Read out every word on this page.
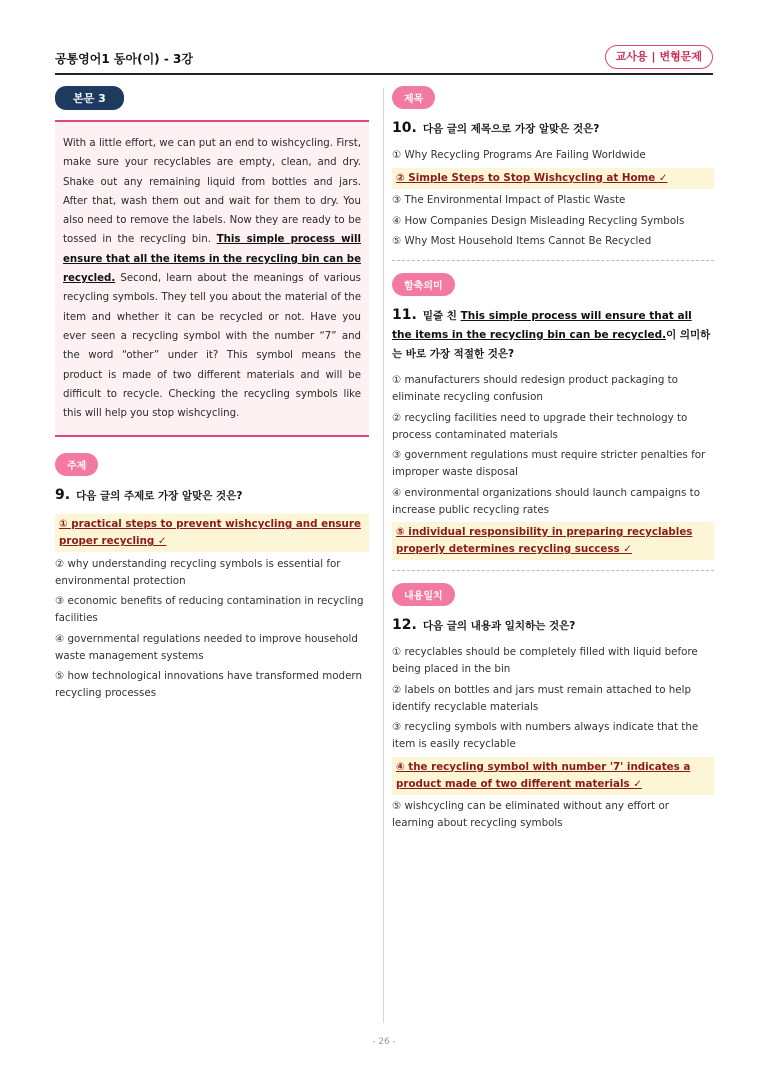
공통영어1 동아(이) - 3강	교사용 | 변형문제
본문 3
With a little effort, we can put an end to wishcycling. First, make sure your recyclables are empty, clean, and dry. Shake out any remaining liquid from bottles and jars. After that, wash them out and wait for them to dry. You also need to remove the labels. Now they are ready to be tossed in the recycling bin. This simple process will ensure that all the items in the recycling bin can be recycled. Second, learn about the meanings of various recycling symbols. They tell you about the material of the item and whether it can be recycled or not. Have you ever seen a recycling symbol with the number “7” and the word “other” under it? This symbol means the product is made of two different materials and will be difficult to recycle. Checking the recycling symbols like this will help you stop wishcycling.
주제
9. 다음 글의 주제로 가장 알맞은 것은?
① practical steps to prevent wishcycling and ensure proper recycling ✓
② why understanding recycling symbols is essential for environmental protection
③ economic benefits of reducing contamination in recycling facilities
④ governmental regulations needed to improve household waste management systems
⑤ how technological innovations have transformed modern recycling processes
제목
10. 다음 글의 제목으로 가장 알맞은 것은?
① Why Recycling Programs Are Failing Worldwide
② Simple Steps to Stop Wishcycling at Home ✓
③ The Environmental Impact of Plastic Waste
④ How Companies Design Misleading Recycling Symbols
⑤ Why Most Household Items Cannot Be Recycled
함축의미
11. 밑줄 친 This simple process will ensure that all the items in the recycling bin can be recycled.이 의미하는 바로 가장 적절한 것은?
① manufacturers should redesign product packaging to eliminate recycling confusion
② recycling facilities need to upgrade their technology to process contaminated materials
③ government regulations must require stricter penalties for improper waste disposal
④ environmental organizations should launch campaigns to increase public recycling rates
⑤ individual responsibility in preparing recyclables properly determines recycling success ✓
내용일치
12. 다음 글의 내용과 일치하는 것은?
① recyclables should be completely filled with liquid before being placed in the bin
② labels on bottles and jars must remain attached to help identify recyclable materials
③ recycling symbols with numbers always indicate that the item is easily recyclable
④ the recycling symbol with number '7' indicates a product made of two different materials ✓
⑤ wishcycling can be eliminated without any effort or learning about recycling symbols
- 26 -
